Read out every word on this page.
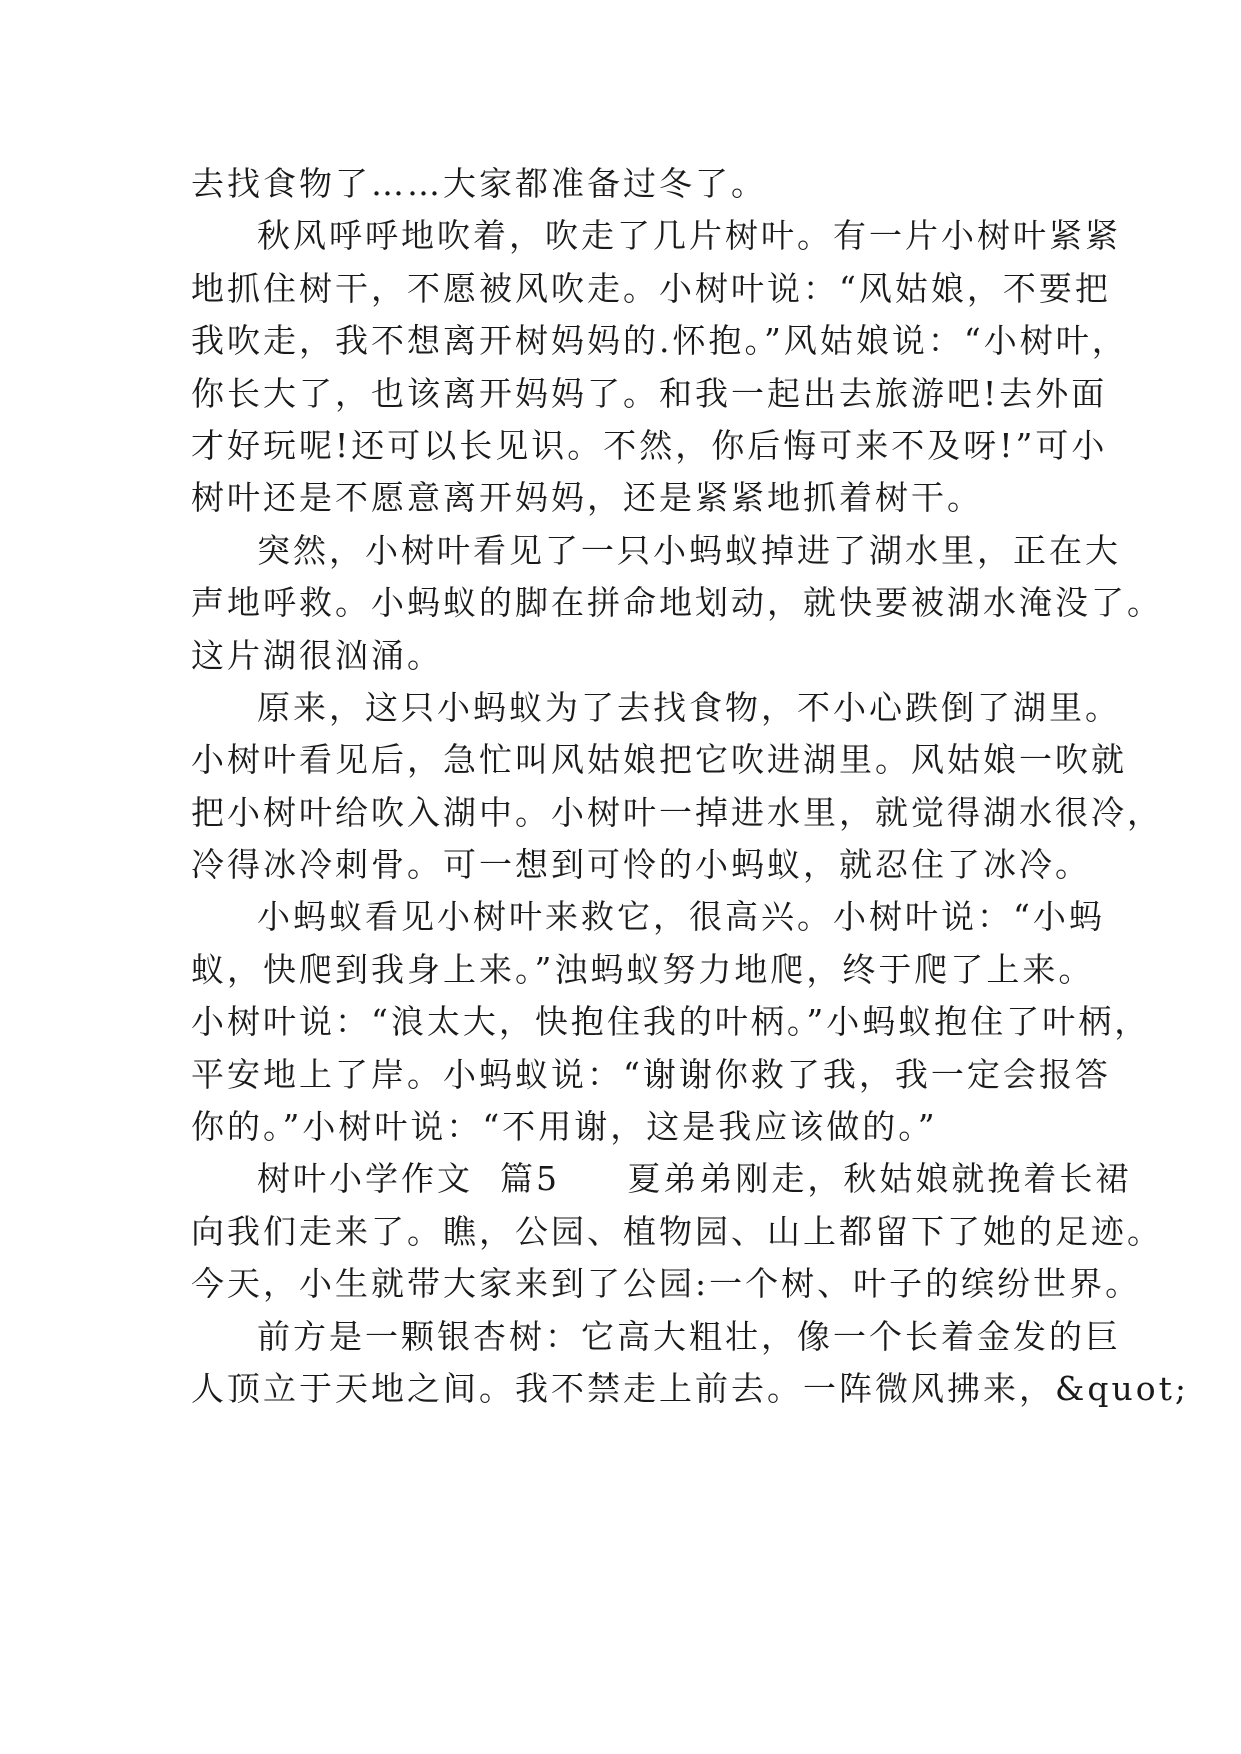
去找食物了……大家都准备过冬了。
秋风呼呼地吹着，吹走了几片树叶。有一片小树叶紧紧
地抓住树干，不愿被风吹走。小树叶说：“风姑娘，不要把
我吹走，我不想离开树妈妈的.怀抱。”风姑娘说：“小树叶，
你长大了，也该离开妈妈了。和我一起出去旅游吧!去外面
才好玩呢!还可以长见识。不然，你后悔可来不及呀!”可小
树叶还是不愿意离开妈妈，还是紧紧地抓着树干。
突然，小树叶看见了一只小蚂蚁掉进了湖水里，正在大
声地呼救。小蚂蚁的脚在拼命地划动，就快要被湖水淹没了。
这片湖很汹涌。
原来，这只小蚂蚁为了去找食物，不小心跌倒了湖里。
小树叶看见后，急忙叫风姑娘把它吹进湖里。风姑娘一吹就
把小树叶给吹入湖中。小树叶一掉进水里，就觉得湖水很冷，
冷得冰冷刺骨。可一想到可怜的小蚂蚁，就忍住了冰冷。
小蚂蚁看见小树叶来救它，很高兴。小树叶说：“小蚂
蚁，快爬到我身上来。”浊蚂蚁努力地爬，终于爬了上来。
小树叶说：“浪太大，快抱住我的叶柄。”小蚂蚁抱住了叶柄，
平安地上了岸。小蚂蚁说：“谢谢你救了我，我一定会报答
你的。”小树叶说：“不用谢，这是我应该做的。”
树叶小学作文  篇5     夏弟弟刚走，秋姑娘就挽着长裙
向我们走来了。瞧，公园、植物园、山上都留下了她的足迹。
今天，小生就带大家来到了公园:一个树、叶子的缤纷世界。
前方是一颗银杏树：它高大粗壮，像一个长着金发的巨
人顶立于天地之间。我不禁走上前去。一阵微风拂来，&quot;
